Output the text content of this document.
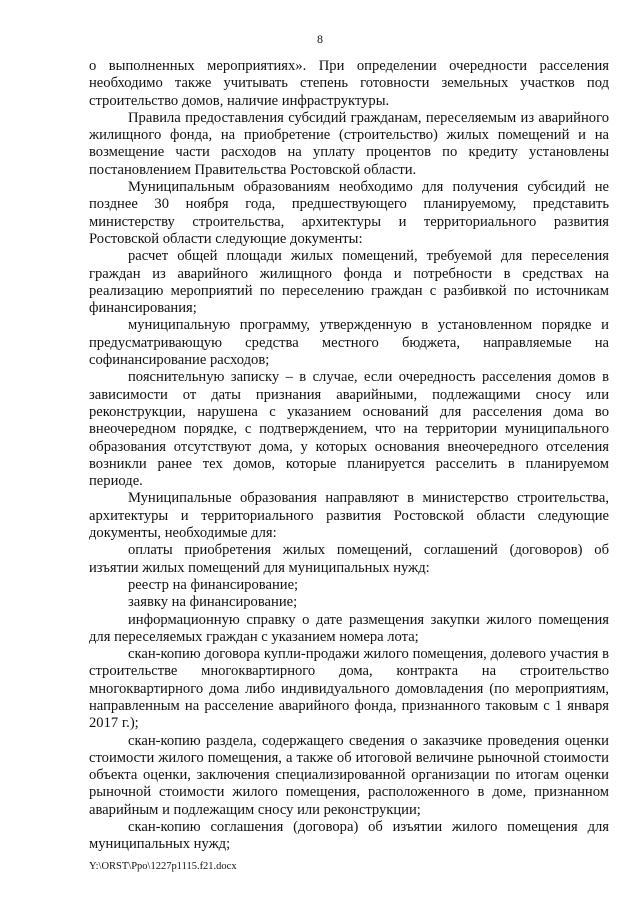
8

о выполненных мероприятиях». При определении очередности расселения необходимо также учитывать степень готовности земельных участков под строительство домов, наличие инфраструктуры.

Правила предоставления субсидий гражданам, переселяемым из аварийного жилищного фонда, на приобретение (строительство) жилых помещений и на возмещение части расходов на уплату процентов по кредиту установлены постановлением Правительства Ростовской области.

Муниципальным образованиям необходимо для получения субсидий не позднее 30 ноября года, предшествующего планируемому, представить министерству строительства, архитектуры и территориального развития Ростовской области следующие документы:

расчет общей площади жилых помещений, требуемой для переселения граждан из аварийного жилищного фонда и потребности в средствах на реализацию мероприятий по переселению граждан с разбивкой по источникам финансирования;

муниципальную программу, утвержденную в установленном порядке и предусматривающую средства местного бюджета, направляемые на софинансирование расходов;

пояснительную записку – в случае, если очередность расселения домов в зависимости от даты признания аварийными, подлежащими сносу или реконструкции, нарушена с указанием оснований для расселения дома во внеочередном порядке, с подтверждением, что на территории муниципального образования отсутствуют дома, у которых основания внеочередного отселения возникли ранее тех домов, которые планируется расселить в планируемом периоде.

Муниципальные образования направляют в министерство строительства, архитектуры и территориального развития Ростовской области следующие документы, необходимые для:

оплаты приобретения жилых помещений, соглашений (договоров) об изъятии жилых помещений для муниципальных нужд:

реестр на финансирование;

заявку на финансирование;

информационную справку о дате размещения закупки жилого помещения для переселяемых граждан с указанием номера лота;

скан-копию договора купли-продажи жилого помещения, долевого участия в строительстве многоквартирного дома, контракта на строительство многоквартирного дома либо индивидуального домовладения (по мероприятиям, направленным на расселение аварийного фонда, признанного таковым с 1 января 2017 г.);

скан-копию раздела, содержащего сведения о заказчике проведения оценки стоимости жилого помещения, а также об итоговой величине рыночной стоимости объекта оценки, заключения специализированной организации по итогам оценки рыночной стоимости жилого помещения, расположенного в доме, признанном аварийным и подлежащим сносу или реконструкции;

скан-копию соглашения (договора) об изъятии жилого помещения для муниципальных нужд;

Y:\ORST\Ppo\1227p1115.f21.docx
